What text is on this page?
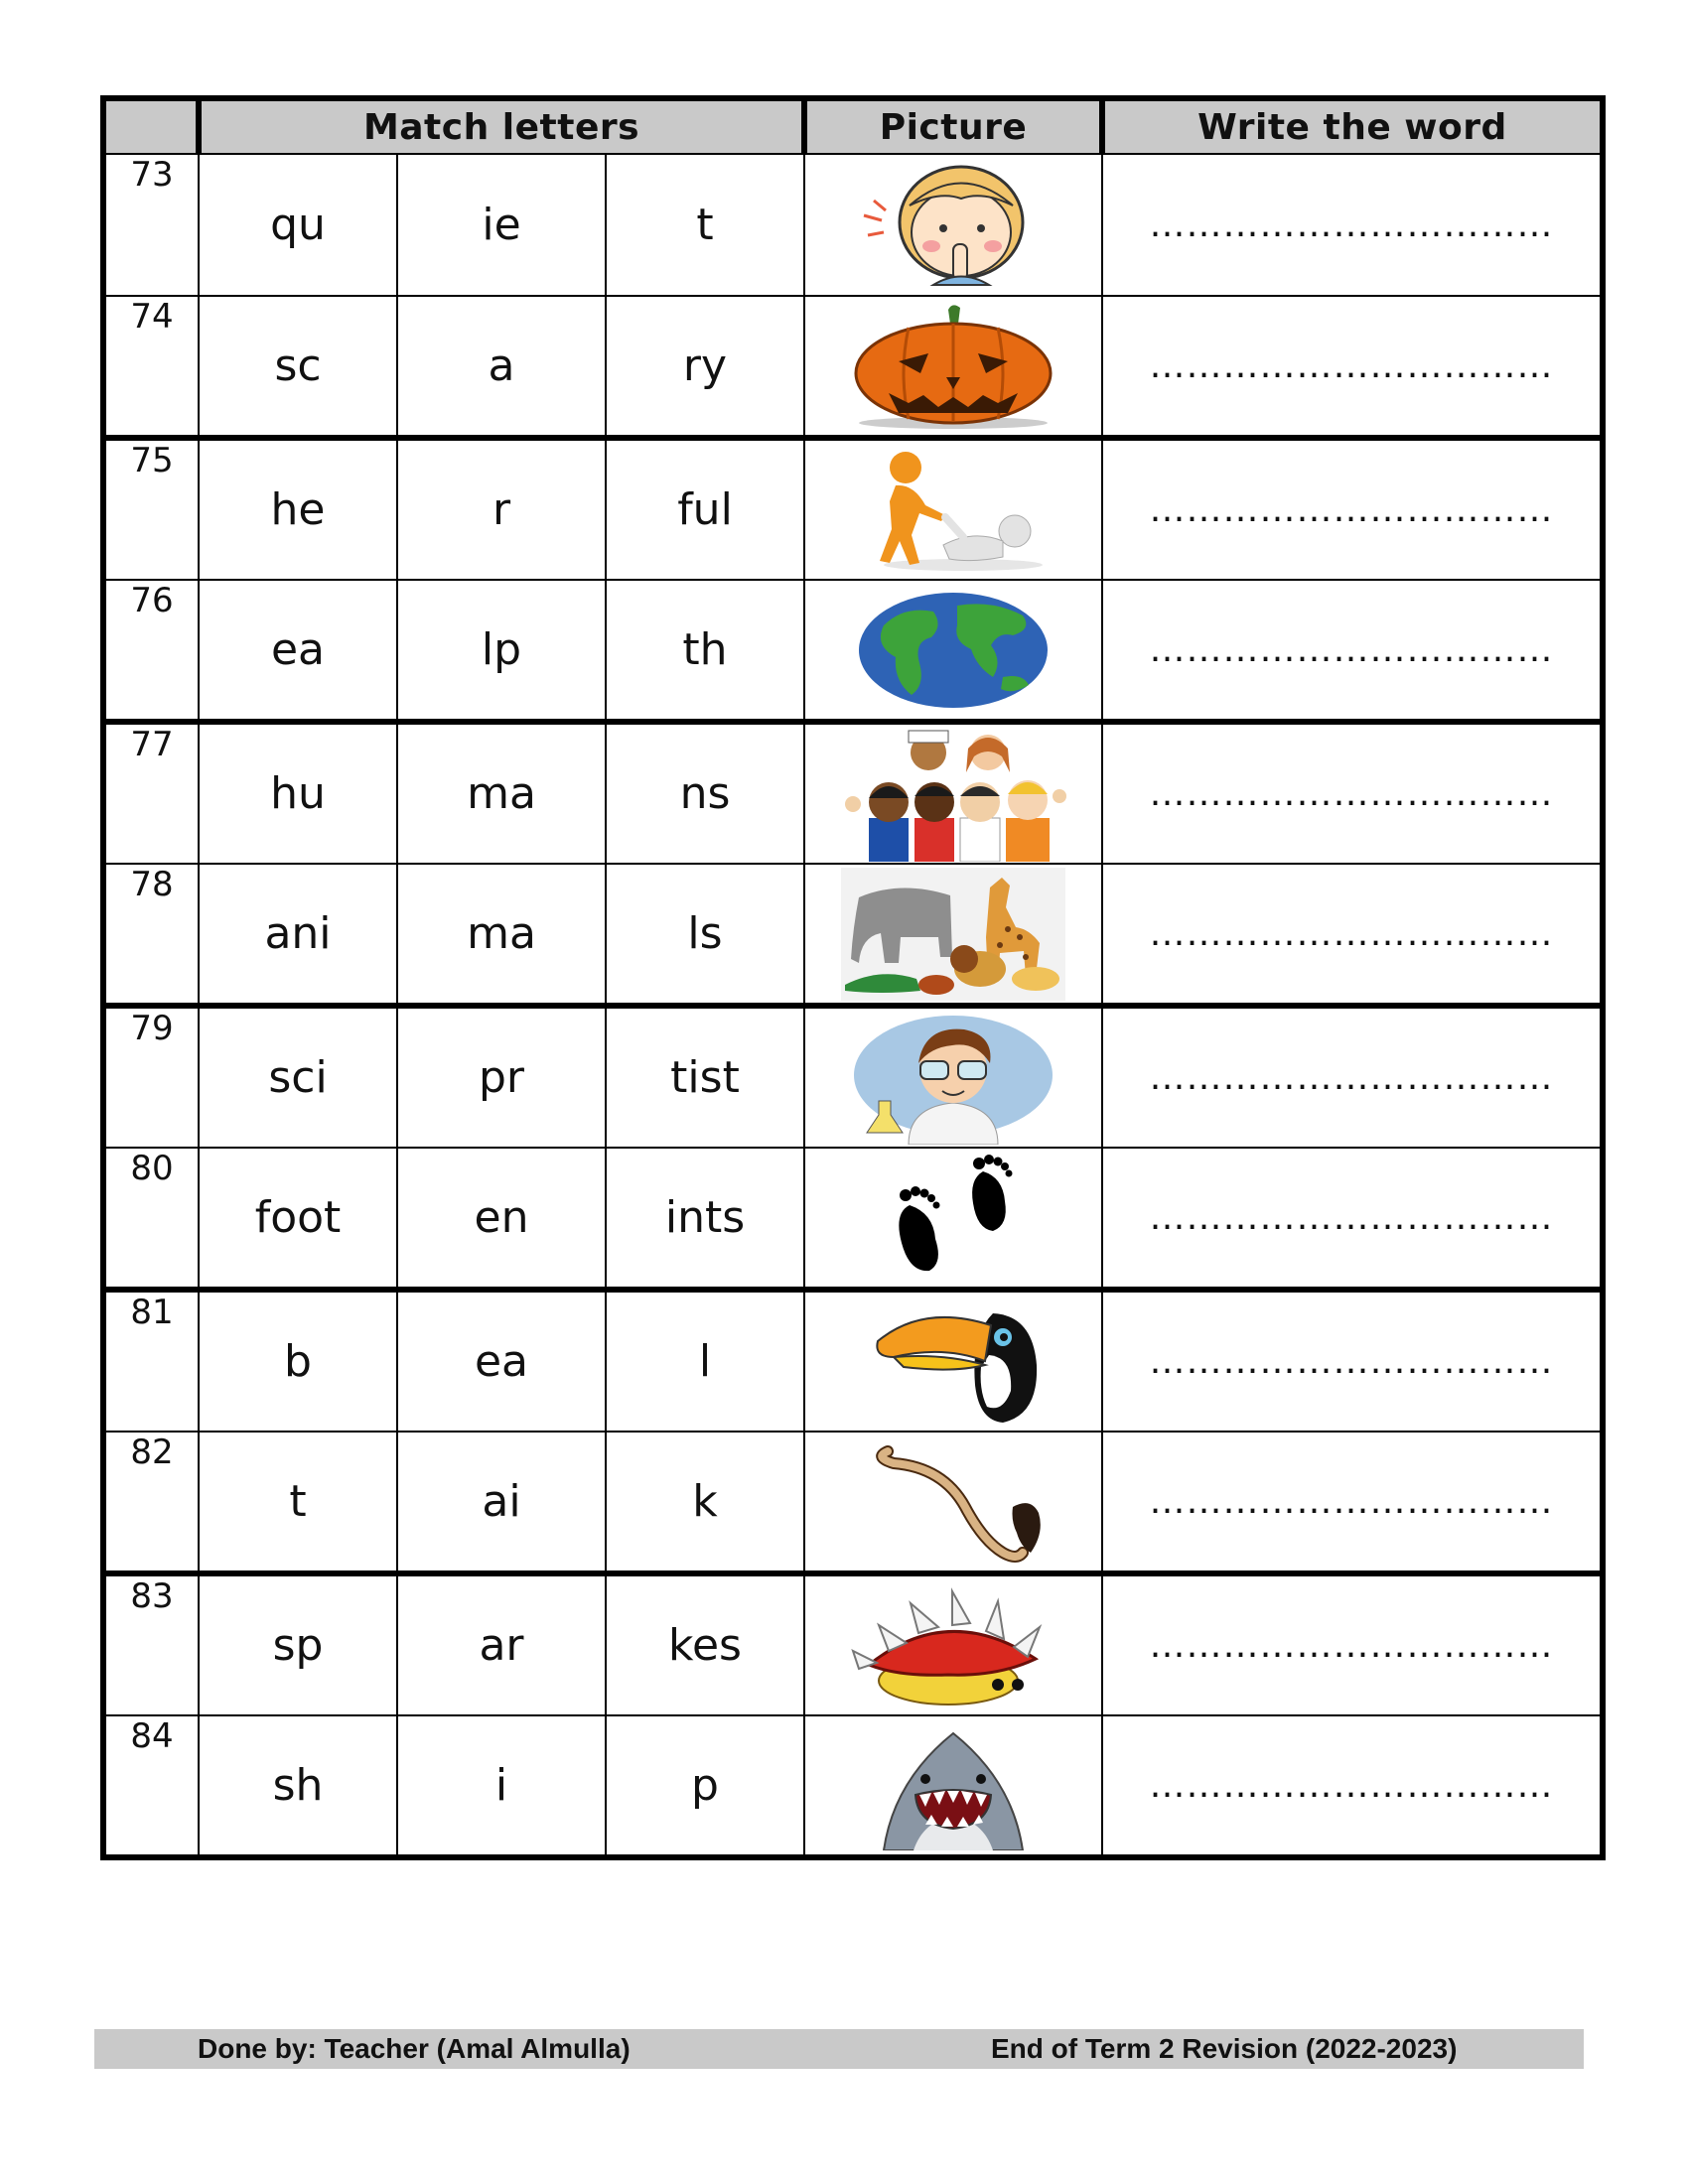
	Match letters			Picture	Write the word
73	qu	ie	t		……………………………
74	sc	a	ry		……………………………
75	he	r	ful		……………………………
76	ea	lp	th		……………………………
77	hu	ma	ns		……………………………
78	ani	ma	ls		……………………………
79	sci	pr	tist		……………………………
80	foot	en	ints		……………………………
81	b	ea	l		……………………………
82	t	ai	k		……………………………
83	sp	ar	kes		……………………………
84	sh	i	p		……………………………
Done by: Teacher (Amal Almulla)	End of Term 2 Revision (2022-2023)
